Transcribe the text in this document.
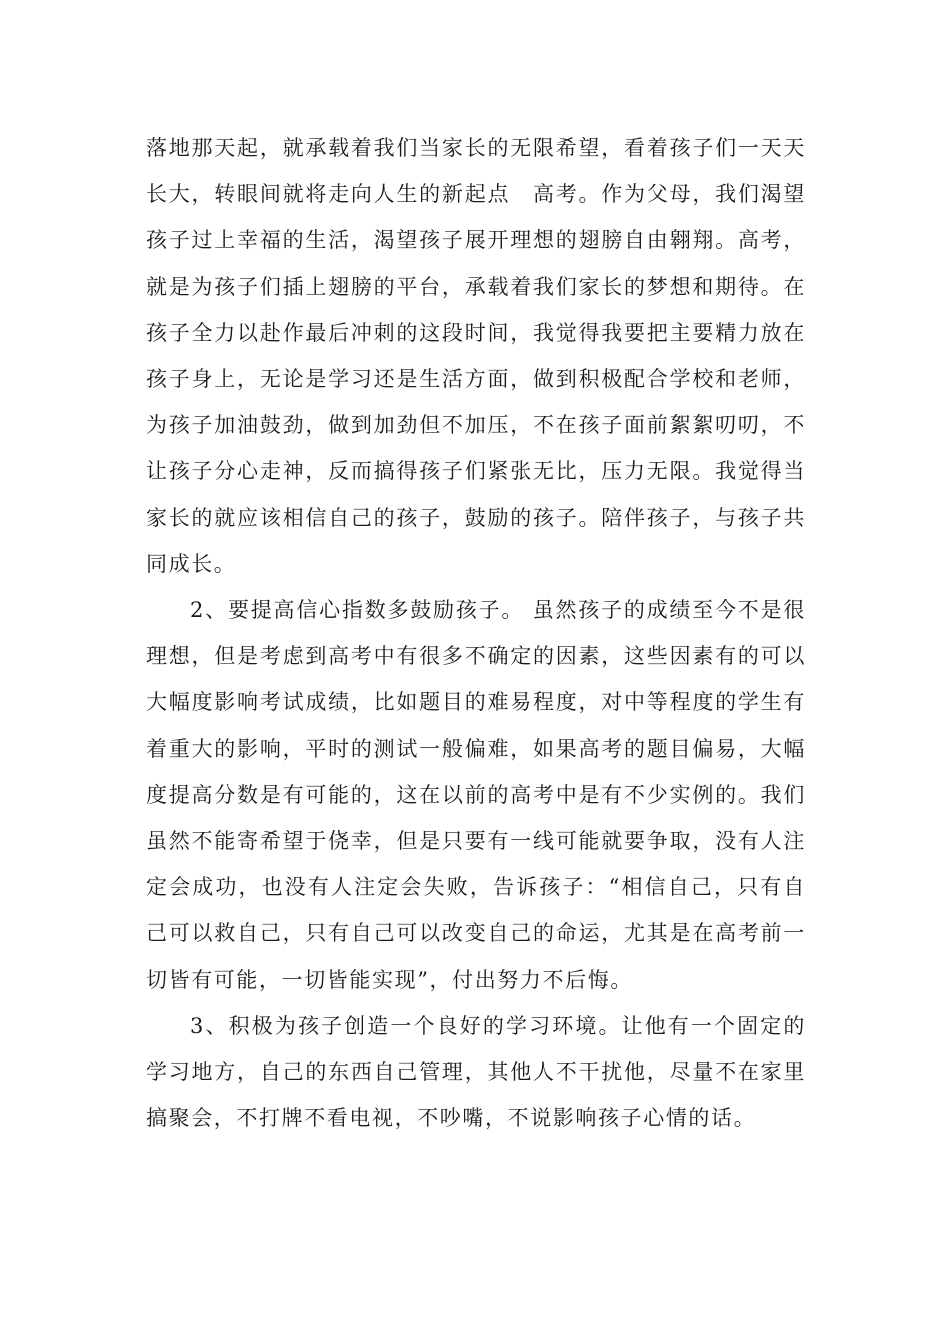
落地那天起，就承载着我们当家长的无限希望，看着孩子们一天天长大，转眼间就将走向人生的新起点　高考。作为父母，我们渴望孩子过上幸福的生活，渴望孩子展开理想的翅膀自由翱翔。高考，就是为孩子们插上翅膀的平台，承载着我们家长的梦想和期待。在孩子全力以赴作最后冲刺的这段时间，我觉得我要把主要精力放在孩子身上，无论是学习还是生活方面，做到积极配合学校和老师，为孩子加油鼓劲，做到加劲但不加压，不在孩子面前絮絮叨叨，不让孩子分心走神，反而搞得孩子们紧张无比，压力无限。我觉得当家长的就应该相信自己的孩子，鼓励的孩子。陪伴孩子，与孩子共同成长。

2、要提高信心指数多鼓励孩子。 虽然孩子的成绩至今不是很理想，但是考虑到高考中有很多不确定的因素，这些因素有的可以大幅度影响考试成绩，比如题目的难易程度，对中等程度的学生有着重大的影响，平时的测试一般偏难，如果高考的题目偏易，大幅度提高分数是有可能的，这在以前的高考中是有不少实例的。我们虽然不能寄希望于侥幸，但是只要有一线可能就要争取，没有人注定会成功，也没有人注定会失败，告诉孩子：“相信自己，只有自己可以救自己，只有自己可以改变自己的命运，尤其是在高考前一切皆有可能，一切皆能实现”，付出努力不后悔。

3、积极为孩子创造一个良好的学习环境。让他有一个固定的学习地方，自己的东西自己管理，其他人不干扰他，尽量不在家里搞聚会，不打牌不看电视，不吵嘴，不说影响孩子心情的话。
